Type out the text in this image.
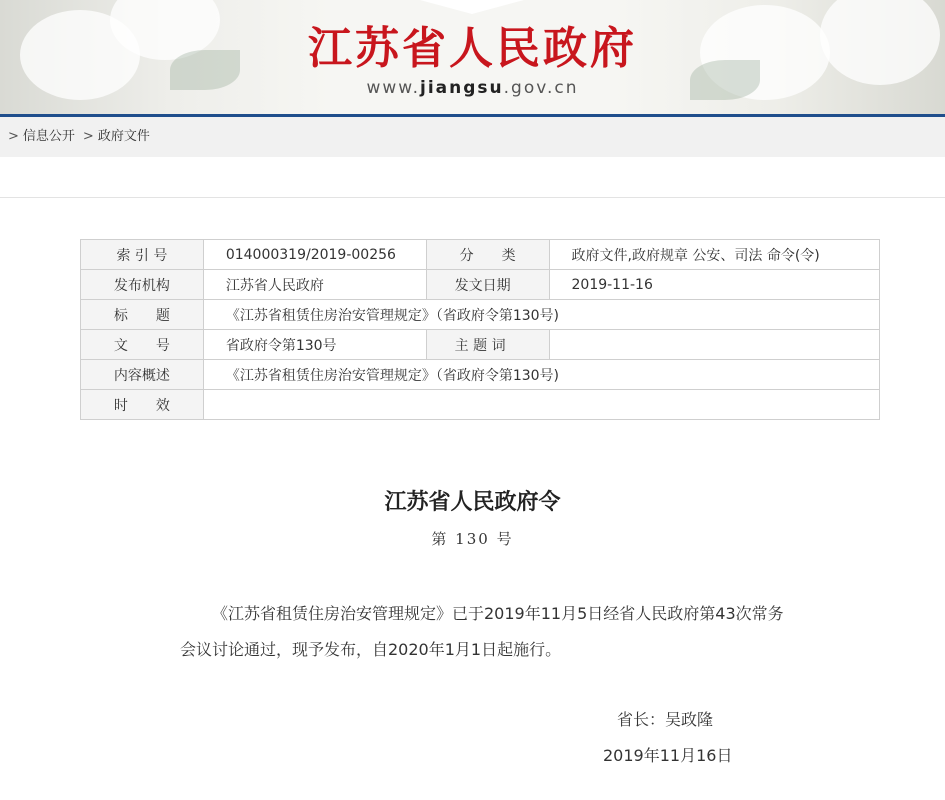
江苏省人民政府
www.jiangsu.gov.cn
> 信息公开 > 政府文件
索 引 号	014000319/2019-00256	分　　类	政府文件,政府规章 公安、司法 命令(令)
发布机构	江苏省人民政府	发文日期	2019-11-16
标　　题	《江苏省租赁住房治安管理规定》（省政府令第130号)		
文　　号	省政府令第130号	主 题 词	
内容概述	《江苏省租赁住房治安管理规定》（省政府令第130号)		
时　　效			
江苏省人民政府令
第 130 号

《江苏省租赁住房治安管理规定》已于2019年11月5日经省人民政府第43次常务会议讨论通过，现予发布，自2020年1月1日起施行。

省长：吴政隆
2019年11月16日
